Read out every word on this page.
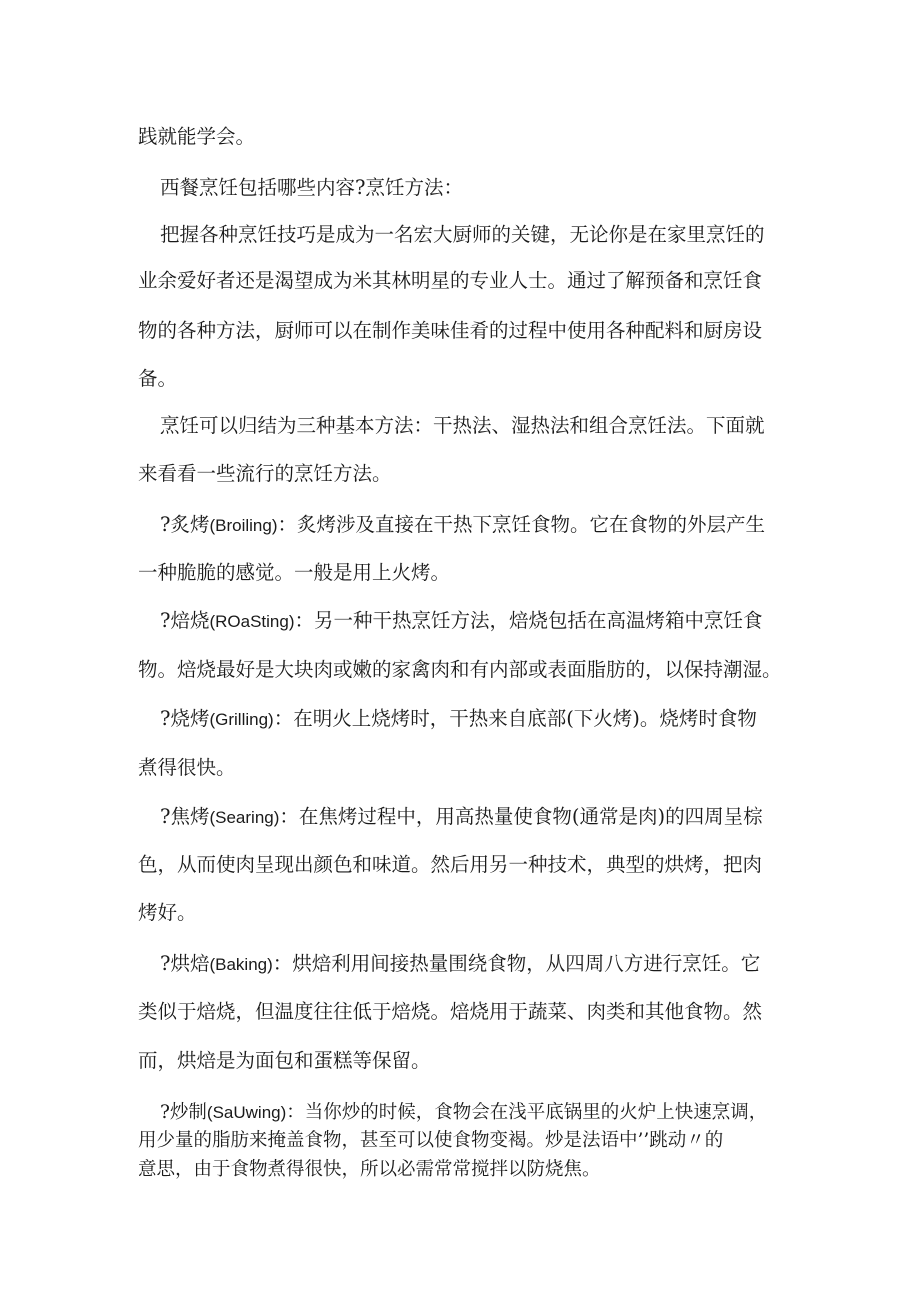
践就能学会。
西餐烹饪包括哪些内容?烹饪方法：
把握各种烹饪技巧是成为一名宏大厨师的关键，无论你是在家里烹饪的
业余爱好者还是渴望成为米其林明星的专业人士。通过了解预备和烹饪食
物的各种方法，厨师可以在制作美味佳肴的过程中使用各种配料和厨房设
备。
烹饪可以归结为三种基本方法：干热法、湿热法和组合烹饪法。下面就
来看看一些流行的烹饪方法。
?炙烤(Broiling)：炙烤涉及直接在干热下烹饪食物。它在食物的外层产生
一种脆脆的感觉。一般是用上火烤。
?焙烧(ROaSting)：另一种干热烹饪方法，焙烧包括在高温烤箱中烹饪食
物。焙烧最好是大块肉或嫩的家禽肉和有内部或表面脂肪的，以保持潮湿。
?烧烤(Grilling)：在明火上烧烤时，干热来自底部(下火烤)。烧烤时食物
煮得很快。
?焦烤(Searing)：在焦烤过程中，用高热量使食物(通常是肉)的四周呈棕
色，从而使肉呈现出颜色和味道。然后用另一种技术，典型的烘烤，把肉
烤好。
?烘焙(Baking)：烘焙利用间接热量围绕食物，从四周八方进行烹饪。它
类似于焙烧，但温度往往低于焙烧。焙烧用于蔬菜、肉类和其他食物。然
而，烘焙是为面包和蛋糕等保留。
?炒制(SaUwing)：当你炒的时候，食物会在浅平底锅里的火炉上快速烹调，
用少量的脂肪来掩盖食物，甚至可以使食物变褐。炒是法语中’’跳动〃的
意思，由于食物煮得很快，所以必需常常搅拌以防烧焦。
